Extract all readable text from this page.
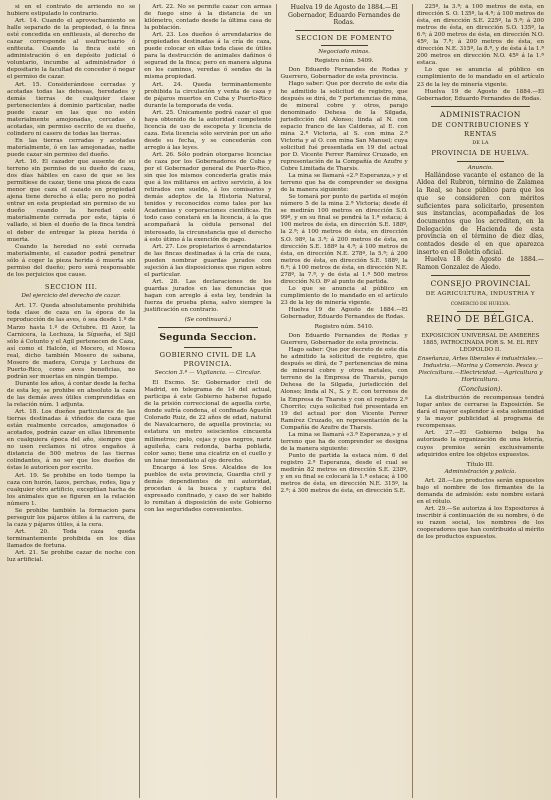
si en el contrato de arriendo no se hubiere estipulado lo contrario.

Art. 14. Cuando el aprovechamiento se halle separado de la propiedad, ó la finca esté concedida en enfiteusis, al derecho de cazar corresponde al usufructuario ó enfiteuta. Cuando la finca esté en administración ó en depósito judicial ó voluntario, incumbe al administrador ó depositario la facultad de conceder ó negar el permiso de cazar.

Art. 15. Considerándose cerradas y acotadas todas las dehesas, heredades y demás tierras de cualquier clase pertenecientes á dominio particular, nadie puede cazar en las que no estén materialmente amojonadas, cercadas ó acotadas, sin permiso escrito de su dueño, colindero ni casero de todas las tierras.

En las tierras cerradas y acotadas materialmente, ó en las amojonadas, nadie puede cazar sin permiso del dueño.

Art. 16. El cazador que ausente de su terreno sin permiso de su dueño de caza, dos días hábiles en caso de que se les permitiese de cazar, tiene una pieza de caza menor que caza el cazado en propiedad ajena tiene derecho á ella; pero no podrá entrar en esta propiedad sin permiso de su dueño cuando la heredad esté materialmente cerrada por este, tápia ó vallado, si bien el dueño de la finca tendrá el deber de entregar la pieza herida ó muerta.

Cuando la heredad no esté cerrada materialmente, el cazador podrá penetrar sólo á coger la pieza herida ó muerta sin permiso del dueño; pero será responsable de los perjuicios que cause.

SECCION III.
Del ejercicio del derecho de cazar.

Art. 17. Queda absolutamente prohibida toda clase de caza en la época de la reproducción de las aves, ó sea desde 1.º de Marzo hasta 1.º de Octubre. El Azor, la Carnicera, la Lechuza, la Sígueña, el Sijil sólo á Cotunto y el Agil pertenecen de Caza, así como el Halcón, el Mocero, el Mosca real, dicho también Mosero de sabana, Mosero de madera, Coruja y Lechuza de Puerto-Rico, como aves beneficias, no podrán ser muertas en ningún tiempo.

Durante los años, á contar desde la fecha de esta ley, se prohibe en absoluto la caza de las demás aves útiles comprendidas en la relación núm. 1 adjunta.

Art. 18. Los dueños particulares de las tierras destinadas á viñedos de caza que están realmente cercados, amojonados ó acotados, podrán cazar en ellas libremente en cualquiera época del año, siempre que no usen reclamos ni otros engaños á distancia de 500 metros de las tierras colindantes, á no ser que los dueños de éstas le autoricen por escrito.

Art. 19. Se prohibe en todo tiempo la caza con hurón, lazos, perchas, redes, liga y cualquier otro artificio, exceptúan hacha de los animales que se figuren en la relación número 1.

Se prohibe también la formacion para perseguir los pájaros útiles á la carrera, de la caza y pájaros útiles, á la cera.

Art. 20. Toda caza queda terminantemente prohibida en los días llamados de fortuna.

Art. 21. Se prohibe cazar de noche con luz artificial.

Art. 22. No se permite cazar con armas de fuego sino á la distancia de un kilómetro, contado desde la última casa de la población.

Art. 23. Los dueños ó arrendatarios de propiedades destinadas á la cría de caza, puede colocar en ellas toda clase de útiles para la destrucción de animales dañinos ó segurad de la finca; pero en manera alguna en los caminos, veredas ó sendas de la misma propiedad.

Art. 24. Queda terminantemente prohibida la circulación y venta de caza y de pájaros muertos en Cuba y Puerto-Rico durante la temporada de veda.

Art. 25. Únicamente podrá cazar el que haya obtenido de la autoridad competente licencia de uso de escopeta y licencia de caza. Esta licencia sólo servirán por un año desde su fecha, y se concederán con arreglo á las leyes.

Art. 26. Sólo podrán otorgarse licencias de caza por los Gobernadores de Cuba y por el Gobernador general de Puerto-Rico, sin que los mismos concederla gratis más que á los militares en activo servicio, á los retirados con sueldo, á los comisarios y demás adeptos de la Historia Natural, tenidos y reconocidos como tales por las Academias y corporaciones científicas. En todo caso constará en la licencia, á la que acompañará la cédula personal del interesado, la circunstancia que el derecho á esto útimo á la exención de pago.

Art. 27. Los propietarios ó arrendatarios de las fincas destinadas á la cría de caza, pueden nombrar guardas jurados con sujeción á las disposiciones que rigen sobre el particular.

Art. 28. Las declaraciones de los guardas jurados en las denuncias que hagan con arreglo á esta ley, tendrán la fuerza de prueba plena, salvo siempre la justificación en contrario.

(Se continuará.)
Segunda Seccion.
GOBIERNO CIVIL DE LA PROVINCIA.
Seccion 3.ª — Vigilancia. — Circular.

El Excmo. Sr. Gobernador civil de Madrid, en telegrama de 14 del actual, participa á este Gobierno haberse fugado de la prisión correccional de aquella corte, donde sufría condena, el confinado Agustín Colorado Ruiz, de 22 años de edad, natural de Navalcarnero, de aquella provincia; su estatura un metro seiscientos cincuenta milímetros; pelo, cejas y ojos negros, nariz aguileña, cara redonda, barba poblada, color sano; tiene una cicatriz en el cuello y un lunar inmediato al ojo derecho.

Encargo á los Sres. Alcaldes de los pueblos de esta provincia, Guardia civil y demás dependientes de mi autoridad, procedan á la busca y captura del expresado confinado, y caso de ser habido lo remitan á disposición de este Gobierno con las seguridades convenientes.

Huelva 19 de Agosto de 1884.—El Gobernador, Eduardo Fernandes de Rodas.

SECCION DE FOMENTO
Negociado minas.
Registro núm. 5409.

Don Eduardo Fernandes de Rodas y Guerrero, Gobernador de esta provincia.

Hago saber: Que por decreto de este día he admitido la solicitud de registro, que después se dirá, de 7 pertenencias de mina, de mineral cobre y otros, parajo denominado Dehesa de la Silgada, jurisdicción del Alonso; linda al N. con espacio franco de las Calderas, al E. con mina 2.ª Victoria, al S. con mina 2.ª Victoria y al O. con mina San Manuel; cuya solicitud fué presentada en 19 del actual por D. Vicente Ferrer Ramírez Cruzado, en representación de la Compañía de Azufre y Cobre Limitada de Tharsis.

La mina se llamará «2.ª Esperanza,» y el terreno que ha de comprender se designa de la manera siguiente:

Se tomará por punto de partida el mojón número 5 de la mina 2.ª Victoria; desde él se medirán 100 metros en dirección S.O. 99º, y en su final se pondrá la 1.ª estaca; á 100 metros de ésta, en dirección S.E. 188º, la 2.ª; á 100 metros de ésta, en dirección S.O. 98º, la 3.ª; á 200 metros de ésta, en dirección S.E. 188º la 4.ª; á 100 metros de ésta, en dirección N.E. 278º, la 5.ª; á 200 metros de ésta, en dirección S.E. 188º, la 6.ª; á 100 metros de ésta, en dirección N.E. 278º, la 7.ª, y de ésta al 1.ª 500 metros dirección N.O. 8º al punto de partida.

Lo que se anuncia al público en cumplimiento de lo mandado en el artículo 23 de la ley de minería vigente.

Huelva 19 de Agosto de 1884.—El Gobernador, Eduardo Fernandes de Rodas.

Registro núm. 5410.

Don Eduardo Fernandes de Rodas y Guerrero, Gobernador de esta provincia.

Hago saber: Que por decreto de este día he admitido la solicitud de registro, que después se dirá, de 7 pertenencias de mina de mineral cobre y otros metales, con terreno de la Empresa de Tharsis, parajo Dehesa de la Silgada, jurisdicción del Alonso; linda al N., S. y E. con terrenos de la Empresa de Tharsis y con el registro 2.ª Chorrito; cuya solicitud fué presentada en 19 del actual por don Vicente Ferrer Ramírez Cruzado, en representación de la Compañía de Azufre de Tharsis.

La mina se llamará «3.ª Esperanza,» y el terreno que ha de comprender se designa de la manera siguiente:

Punto de partida la estaca núm. 6 del registro 2.ª Esperanza, desde el cual se medirán 82 metros en dirección S.E. 238º, y en su final se colocará la 1.ª estaca; á 100 metros de ésta, en dirección N.E. 315º, la 2.ª; á 300 metros de ésta, en dirección S.E.

225º, la 3.ª; á 100 metros de ésta, en dirección S. O. 135º, la 4.ª; á 100 metros de ésta, en dirección S.E. 225º, la 5.ª; á 200 metros de ésta, en dirección S.O. 135º, la 6.ª; á 200 metros de ésta, en dirección N.O. 45º, la 7.ª; á 200 metros de ésta, en dirección N.E. 315º, la 8.ª, y de ésta á la 1.ª 200 metros en dirección N.O. 45º á la 1.ª estaca.

Lo que se anuncia al público en cumplimiento de lo mandado en el artículo 23 de la ley de minería vigente.

Huelva 19 de Agosto de 1884.—El Gobernador, Eduardo Fernandes de Rodas.

ADMINISTRACION
DE CONTRIBUCIONES Y RENTAS
DE LA
PROVINCIA DE HUELVA.
Anuncio.

Hallándose vacante el estanco de la Aldea del Rubron, término de Zalamea la Real, se hace público para que los que se consideren con méritos suficientes para solicitarlo, presenten sus instancias, acompañadas de los documentos que los acrediten, en la Delegación de Hacienda de esta provincia en el término de diez días, contados desde el en que aparezca inserto en el Boletín oficial.

Huelva 18 de Agosto de 1884.—Ramon Gonzalez de Aledo.

CONSEJO PROVINCIAL
DE AGRICULTURA, INDUSTRIA Y
COMERCIO DE HUELVA.
REINO DE BÉLGICA.
EXPOSICION UNIVERSAL DE AMBERES 1885, PATROCINADA POR S. M. EL REY LEOPOLDO II.
Enseñanza, Artes liberales é industriales.—Industria.—Marina y Comercio. Pesca y Piscicultura.—Electricidad. —Agricultura y Horticultura.
(Conclusion).

La distribución de recompensas tendrá lugar antes de cerrarse la Exposición. Se dará el mayor esplendor á esta solemnidad y la mayor publicidad al programa de recompensas.

Art. 27.—El Gobierno belga ha autorizado la organización de una lotería, cuyos premios serán exclusivamente adquiridos entre los objetos expuestos.

Título III.
Administración y policía.

Art. 28.—Los productos serán expuestos bajo el nombre de los firmantes de la demanda de admisión: este nombre estará en el rótulo.

Art. 29.—Se autoriza á los Expositores á inscribir á continuación de su nombre, ó de su razon social, los nombres de los cooperadores que han contribuido al mérito de los productos expuestos.
